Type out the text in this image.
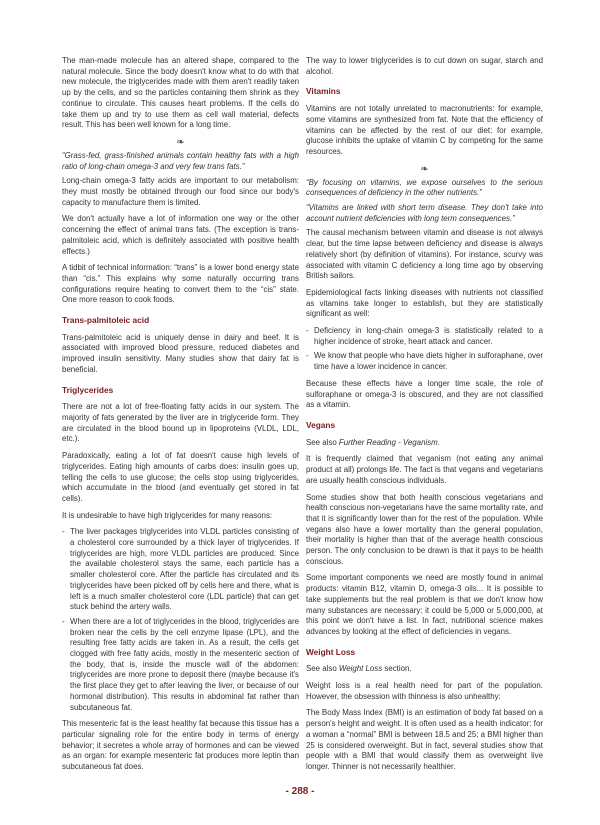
The man-made molecule has an altered shape, compared to the natural molecule. Since the body doesn't know what to do with that new molecule, the triglycerides made with them aren't readily taken up by the cells, and so the particles containing them shrink as they continue to circulate. This causes heart problems. If the cells do take them up and try to use them as cell wall material, defects result. This has been well known for a long time.

❧

“Grass-fed, grass-finished animals contain healthy fats with a high ratio of long-chain omega-3 and very few trans fats.”

Long-chain omega-3 fatty acids are important to our metabolism: they must mostly be obtained through our food since our body's capacity to manufacture them is limited.

We don't actually have a lot of information one way or the other concerning the effect of animal trans fats. (The exception is trans-palmitoleic acid, which is definitely associated with positive health effects.)

A tidbit of technical information: “trans” is a lower bond energy state than “cis.” This explains why some naturally occurring trans configurations require heating to convert them to the “cis” state. One more reason to cook foods.

Trans-palmitoleic acid

Trans-palmitoleic acid is uniquely dense in dairy and beef. It is associated with improved blood pressure, reduced diabetes and improved insulin sensitivity. Many studies show that dairy fat is beneficial.

Triglycerides

There are not a lot of free-floating fatty acids in our system. The majority of fats generated by the liver are in triglyceride form. They are circulated in the blood bound up in lipoproteins (VLDL, LDL, etc.).

Paradoxically, eating a lot of fat doesn't cause high levels of triglycerides. Eating high amounts of carbs does: insulin goes up, telling the cells to use glucose; the cells stop using triglycerides, which accumulate in the blood (and eventually get stored in fat cells).

It is undesirable to have high triglycerides for many reasons:

- The liver packages triglycerides into VLDL particles consisting of a cholesterol core surrounded by a thick layer of triglycerides. If triglycerides are high, more VLDL particles are produced. Since the available cholesterol stays the same, each particle has a smaller cholesterol core. After the particle has circulated and its triglycerides have been picked off by cells here and there, what is left is a much smaller cholesterol core (LDL particle) that can get stuck behind the artery walls.
- When there are a lot of triglycerides in the blood, triglycerides are broken near the cells by the cell enzyme lipase (LPL), and the resulting free fatty acids are taken in. As a result, the cells get clogged with free fatty acids, mostly in the mesenteric section of the body, that is, inside the muscle wall of the abdomen: triglycerides are more prone to deposit there (maybe because it's the first place they get to after leaving the liver, or because of our hormonal distribution). This results in abdominal fat rather than subcutaneous fat.

This mesenteric fat is the least healthy fat because this tissue has a particular signaling role for the entire body in terms of energy behavior; it secretes a whole array of hormones and can be viewed as an organ: for example mesenteric fat produces more leptin than subcutaneous fat does.

The way to lower triglycerides is to cut down on sugar, starch and alcohol.

Vitamins

Vitamins are not totally unrelated to macronutrients: for example, some vitamins are synthesized from fat. Note that the efficiency of vitamins can be affected by the rest of our diet: for example, glucose inhibits the uptake of vitamin C by competing for the same resources.

❧

“By focusing on vitamins, we expose ourselves to the serious consequences of deficiency in the other nutrients.”

“Vitamins are linked with short term disease. They don't take into account nutrient deficiencies with long term consequences.”

The causal mechanism between vitamin and disease is not always clear, but the time lapse between deficiency and disease is always relatively short (by definition of vitamins). For instance, scurvy was associated with vitamin C deficiency a long time ago by observing British sailors.

Epidemiological facts linking diseases with nutrients not classified as vitamins take longer to establish, but they are statistically significant as well:

- Deficiency in long-chain omega-3 is statistically related to a higher incidence of stroke, heart attack and cancer.
- We know that people who have diets higher in sulforaphane, over time have a lower incidence in cancer.

Because these effects have a longer time scale, the role of sulforaphane or omega-3 is obscured, and they are not classified as a vitamin.

Vegans

See also Further Reading - Veganism.

It is frequently claimed that veganism (not eating any animal product at all) prolongs life. The fact is that vegans and vegetarians are usually health conscious individuals.

Some studies show that both health conscious vegetarians and health conscious non-vegetarians have the same mortality rate, and that it is significantly lower than for the rest of the population. While vegans also have a lower mortality than the general population, their mortality is higher than that of the average health conscious person. The only conclusion to be drawn is that it pays to be health conscious.

Some important components we need are mostly found in animal products: vitamin B12, vitamin D, omega-3 oils... It is possible to take supplements but the real problem is that we don't know how many substances are necessary: it could be 5,000 or 5,000,000, at this point we don't have a list. In fact, nutritional science makes advances by looking at the effect of deficiencies in vegans.

Weight Loss

See also Weight Loss section.

Weight loss is a real health need for part of the population. However, the obsession with thinness is also unhealthy:

The Body Mass Index (BMI) is an estimation of body fat based on a person's height and weight. It is often used as a health indicator: for a woman a “normal” BMI is between 18.5 and 25; a BMI higher than 25 is considered overweight. But in fact, several studies show that people with a BMI that would classify them as overweight live longer. Thinner is not necessarily healthier.

- 288 -
